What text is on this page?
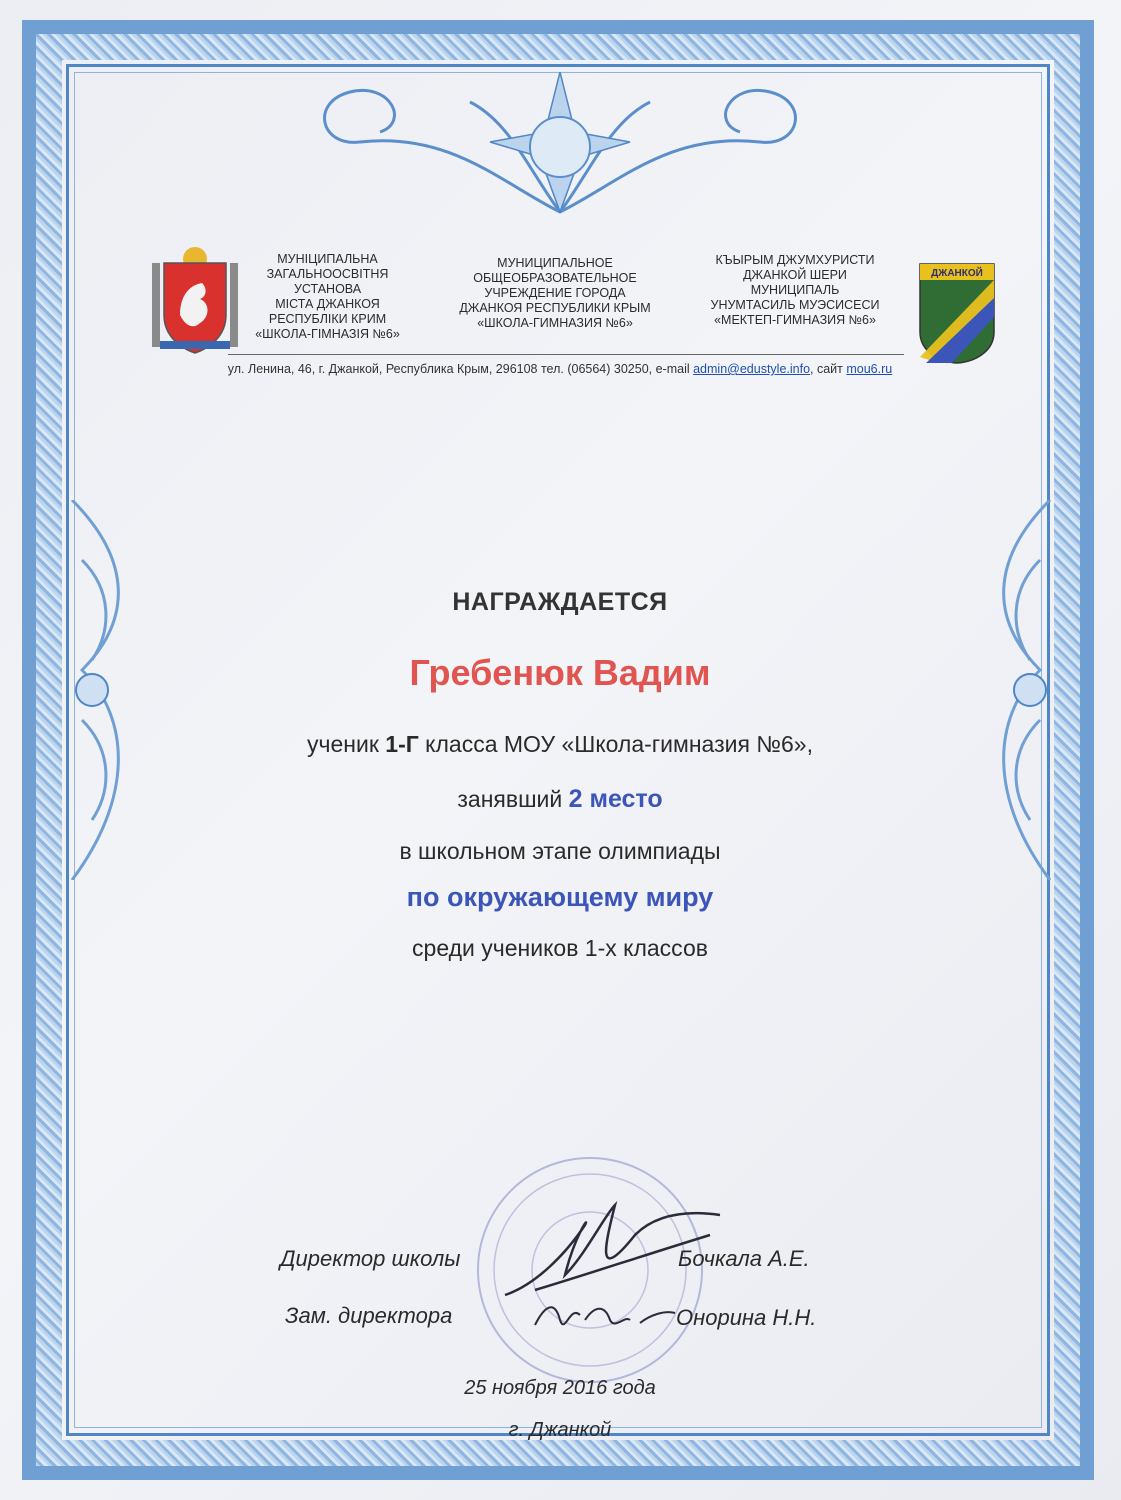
МУНІЦИПАЛЬНА
ЗАГАЛЬНООСВІТНЯ
УСТАНОВА
МІСТА ДЖАНКОЯ
РЕСПУБЛІКИ КРИМ
«ШКОЛА-ГІМНАЗІЯ №6»
МУНИЦИПАЛЬНОЕ
ОБЩЕОБРАЗОВАТЕЛЬНОЕ
УЧРЕЖДЕНИЕ ГОРОДА
ДЖАНКОЯ РЕСПУБЛИКИ КРЫМ
«ШКОЛА-ГИМНАЗИЯ №6»
КЪЫРЫМ ДЖУМХУРИСТИ
ДЖАНКОЙ ШЕРИ
МУНИЦИПАЛЬ
УНУМТАСИЛЬ МУЭСИСЕСИ
«МЕКТЕП-ГИМНАЗИЯ №6»
ДЖАНКОЙ
ул. Ленина, 46, г. Джанкой, Республика Крым, 296108 тел. (06564) 30250, e-mail admin@edustyle.info, сайт mou6.ru
НАГРАЖДАЕТСЯ
Гребенюк Вадим
ученик 1-Г класса МОУ «Школа-гимназия №6»,
занявший 2 место
в школьном этапе олимпиады
по окружающему миру
среди учеников 1-х классов
Директор школы	Бочкала А.Е.
Зам. директора	Онорина Н.Н.
25 ноября 2016 года
г. Джанкой
